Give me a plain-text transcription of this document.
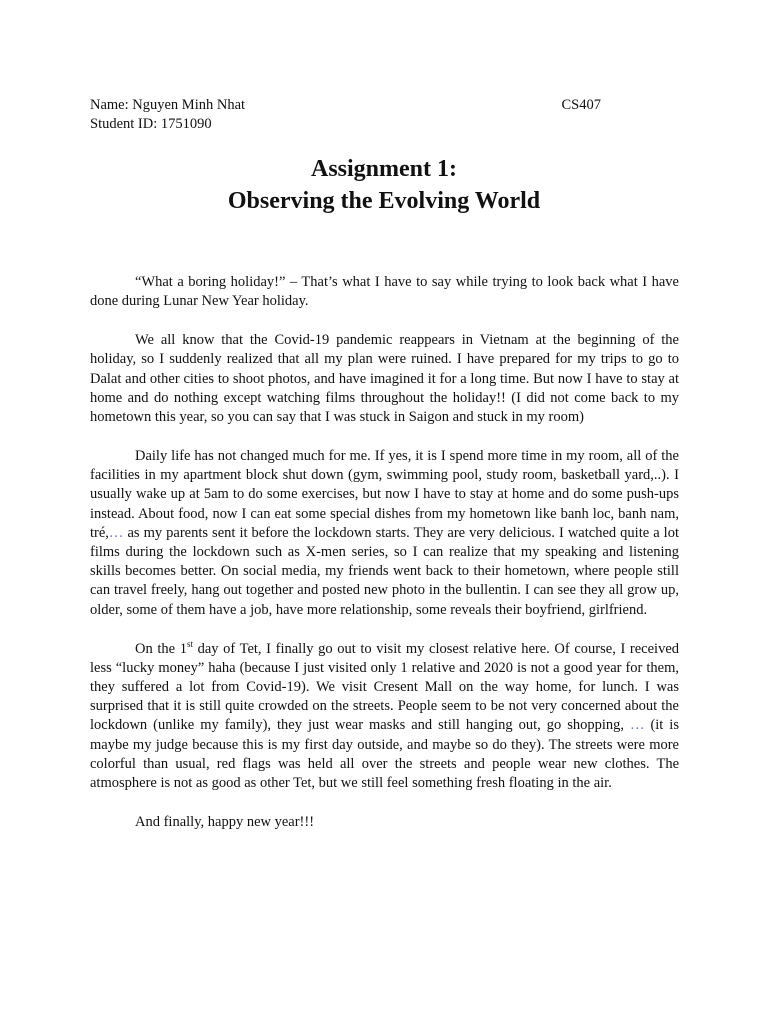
Name: Nguyen Minh Nhat	CS407
Student ID: 1751090
Assignment 1:
Observing the Evolving World

“What a boring holiday!” – That’s what I have to say while trying to look back what I have done during Lunar New Year holiday.

We all know that the Covid-19 pandemic reappears in Vietnam at the beginning of the holiday, so I suddenly realized that all my plan were ruined. I have prepared for my trips to go to Dalat and other cities to shoot photos, and have imagined it for a long time. But now I have to stay at home and do nothing except watching films throughout the holiday!! (I did not come back to my hometown this year, so you can say that I was stuck in Saigon and stuck in my room)

Daily life has not changed much for me. If yes, it is I spend more time in my room, all of the facilities in my apartment block shut down (gym, swimming pool, study room, basketball yard,..). I usually wake up at 5am to do some exercises, but now I have to stay at home and do some push-ups instead. About food, now I can eat some special dishes from my hometown like banh loc, banh nam, tré,… as my parents sent it before the lockdown starts. They are very delicious. I watched quite a lot films during the lockdown such as X-men series, so I can realize that my speaking and listening skills becomes better. On social media, my friends went back to their hometown, where people still can travel freely, hang out together and posted new photo in the bullentin. I can see they all grow up, older, some of them have a job, have more relationship, some reveals their boyfriend, girlfriend.

On the 1st day of Tet, I finally go out to visit my closest relative here. Of course, I received less “lucky money” haha (because I just visited only 1 relative and 2020 is not a good year for them, they suffered a lot from Covid-19). We visit Cresent Mall on the way home, for lunch. I was surprised that it is still quite crowded on the streets. People seem to be not very concerned about the lockdown (unlike my family), they just wear masks and still hanging out, go shopping, … (it is maybe my judge because this is my first day outside, and maybe so do they). The streets were more colorful than usual, red flags was held all over the streets and people wear new clothes. The atmosphere is not as good as other Tet, but we still feel something fresh floating in the air.

And finally, happy new year!!!
